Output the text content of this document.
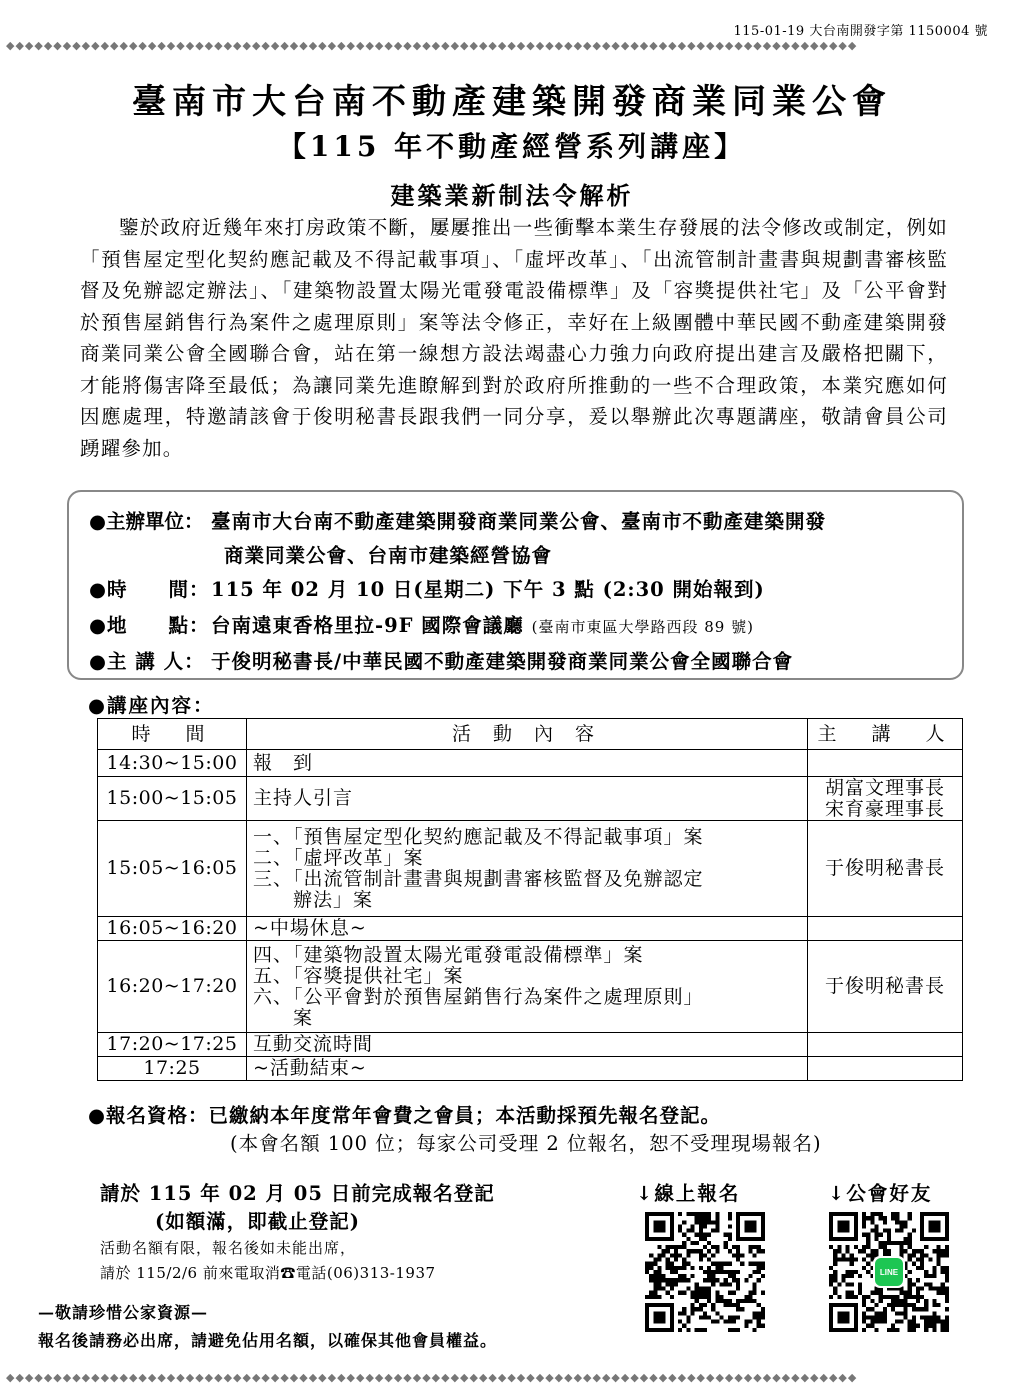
115-01-19 大台南開發字第 1150004 號
◆◆◆◆◆◆◆◆◆◆◆◆◆◆◆◆◆◆◆◆◆◆◆◆◆◆◆◆◆◆◆◆◆◆◆◆◆◆◆◆◆◆◆◆◆◆◆◆◆◆◆◆◆◆◆◆◆◆◆◆◆◆◆◆◆◆◆◆◆◆◆◆◆◆◆◆◆◆◆◆◆◆◆◆◆◆◆◆◆◆
臺南市大台南不動產建築開發商業同業公會
【115 年不動產經營系列講座】
建築業新制法令解析
鑒於政府近幾年來打房政策不斷，屢屢推出一些衝擊本業生存發展的法令修改或制定，例如「預售屋定型化契約應記載及不得記載事項」、「虛坪改革」、「出流管制計畫書與規劃書審核監督及免辦認定辦法」、「建築物設置太陽光電發電設備標準」及「容獎提供社宅」及「公平會對於預售屋銷售行為案件之處理原則」案等法令修正，幸好在上級團體中華民國不動產建築開發商業同業公會全國聯合會，站在第一線想方設法竭盡心力強力向政府提出建言及嚴格把關下，才能將傷害降至最低；為讓同業先進瞭解到對於政府所推動的一些不合理政策，本業究應如何因應處理，特邀請該會于俊明秘書長跟我們一同分享，爰以舉辦此次專題講座，敬請會員公司踴躍參加。
●主辦單位： 臺南市大台南不動產建築開發商業同業公會、臺南市不動產建築開發
商業同業公會、台南市建築經營協會
●時　　間：115 年 02 月 10 日(星期二) 下午 3 點 (2:30 開始報到)
●地　　點：台南遠東香格里拉-9F 國際會議廳 (臺南市東區大學路西段 89 號)
●主 講 人： 于俊明秘書長/中華民國不動產建築開發商業同業公會全國聯合會
●講座內容：
時　間	活 動 內 容	主　講　人
14:30~15:00	報　到	

15:00~15:05	主持人引言	胡富文理事長
宋育豪理事長
15:05~16:05	一、「預售屋定型化契約應記載及不得記載事項」案
二、「虛坪改革」案
三、「出流管制計畫書與規劃書審核監督及免辦認定
　　辦法」案	于俊明秘書長
16:05~16:20	~中場休息~	

16:20~17:20	四、「建築物設置太陽光電發電設備標準」案
五、「容獎提供社宅」案
六、「公平會對於預售屋銷售行為案件之處理原則」
　　案	于俊明秘書長
17:20~17:25	互動交流時間	

17:25	~活動結束~	

●報名資格：已繳納本年度常年會費之會員；本活動採預先報名登記。
(本會名額 100 位；每家公司受理 2 位報名，恕不受理現場報名)
請於 115 年 02 月 05 日前完成報名登記
(如額滿，即截止登記)
活動名額有限，報名後如未能出席，
請於 115/2/6 前來電取消☎電話(06)313-1937
—敬請珍惜公家資源—
報名後請務必出席，請避免佔用名額，以確保其他會員權益。
↓線上報名	↓公會好友
LINE
◆◆◆◆◆◆◆◆◆◆◆◆◆◆◆◆◆◆◆◆◆◆◆◆◆◆◆◆◆◆◆◆◆◆◆◆◆◆◆◆◆◆◆◆◆◆◆◆◆◆◆◆◆◆◆◆◆◆◆◆◆◆◆◆◆◆◆◆◆◆◆◆◆◆◆◆◆◆◆◆◆◆◆◆◆◆◆◆◆◆
